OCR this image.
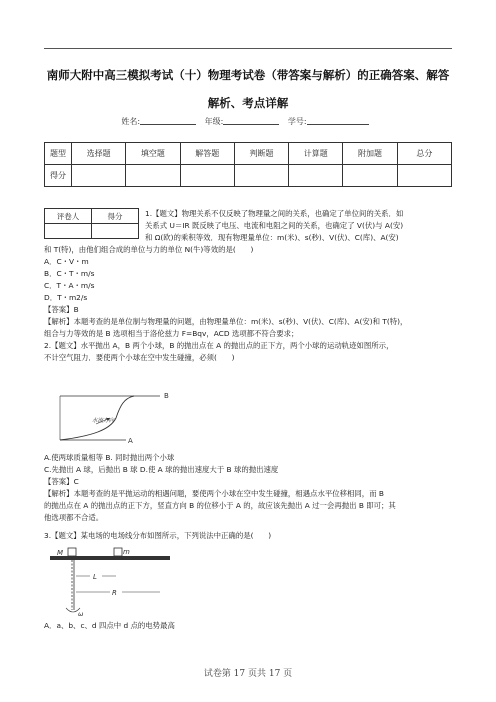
南师大附中高三模拟考试（十）物理考试卷（带答案与解析）的正确答案、解答
解析、考点详解
姓名:	年级:	学号:
题型	选择题	填空题	解答题	判断题	计算题	附加题	总分
得分							
评卷人	得分
		1.【题文】物理关系不仅反映了物理量之间的关系，也确定了单位间的关系．如
关系式 U＝IR 既反映了电压、电流和电阻之间的关系，也确定了 V(伏)与 A(安)
和 Ω(欧)的乘积等效．现有物理量单位：m(米)、s(秒)、V(伏)、C(库)、A(安)
和 T(特)，由他们组合成的单位与力的单位 N(牛)等效的是(　　)
A．C・V・m
B．C・T・m/s
C．T・A・m/s
D．T・m2/s
【答案】B
【解析】本题考查的是单位制与物理量的问题，由物理量单位：m(米)、s(秒)、V(伏)、C(库)、A(安)和 T(特)，
组合与力等效的是 B 选项相当于洛伦兹力 F=Bqv，ACD 选项都不符合要求；
2.【题文】水平抛出 A，B 两个小球，B 的抛出点在 A 的抛出点的正下方，两个小球的运动轨迹如图所示，
不计空气阻力．要使两个小球在空中发生碰撞，必须(　　)
B
A
水流方向
A.使两球质量相等 B. 同时抛出两个小球
C.先抛出 A 球，后抛出 B 球 D.使 A 球的抛出速度大于 B 球的抛出速度
【答案】C
【解析】本题考查的是平抛运动的相遇问题，要使两个小球在空中发生碰撞，相遇点水平位移相同，而 B
的抛出点在 A 的抛出点的正下方，竖直方向 B 的位移小于 A 的，故应该先抛出 A 过一会再抛出 B 即可；其
他选项都不合适。
3.【题文】某电场的电场线分布如图所示，下列说法中正确的是(　　)
M	m
L
R
ω
A．a、b、c、d 四点中 d 点的电势最高
试卷第 17 页共 17 页
